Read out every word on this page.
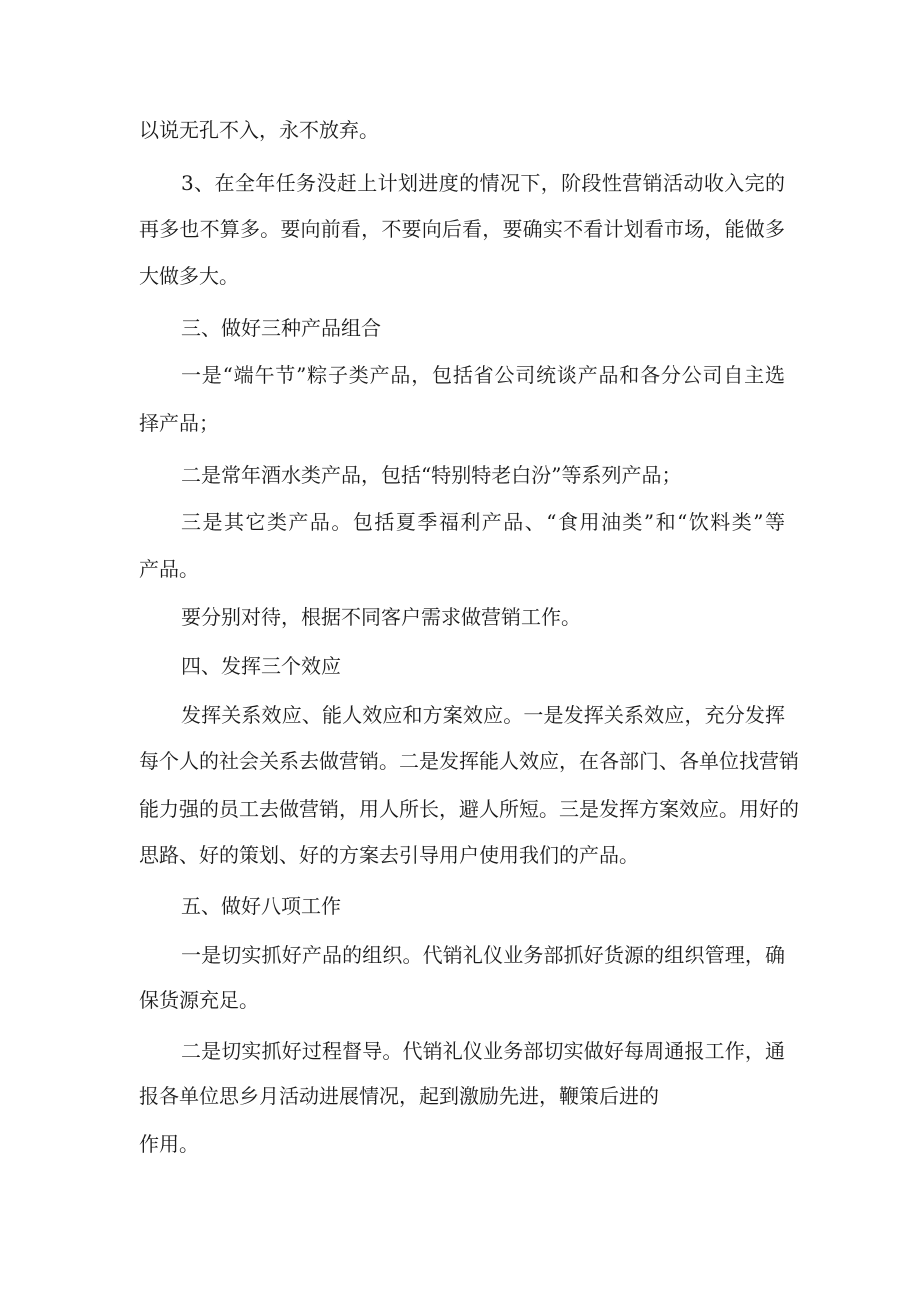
以说无孔不入，永不放弃。
3、在全年任务没赶上计划进度的情况下，阶段性营销活动收入完的
再多也不算多。要向前看，不要向后看，要确实不看计划看市场，能做多
大做多大。
三、做好三种产品组合
一是“端午节”粽子类产品，包括省公司统谈产品和各分公司自主选
择产品；
二是常年酒水类产品，包括“特别特老白汾”等系列产品；
三是其它类产品。包括夏季福利产品、“食用油类”和“饮料类”等
产品。
要分别对待，根据不同客户需求做营销工作。
四、发挥三个效应
发挥关系效应、能人效应和方案效应。一是发挥关系效应，充分发挥
每个人的社会关系去做营销。二是发挥能人效应，在各部门、各单位找营销
能力强的员工去做营销，用人所长，避人所短。三是发挥方案效应。用好的
思路、好的策划、好的方案去引导用户使用我们的产品。
五、做好八项工作
一是切实抓好产品的组织。代销礼仪业务部抓好货源的组织管理，确
保货源充足。
二是切实抓好过程督导。代销礼仪业务部切实做好每周通报工作，通
报各单位思乡月活动进展情况，起到激励先进，鞭策后进的
作用。
